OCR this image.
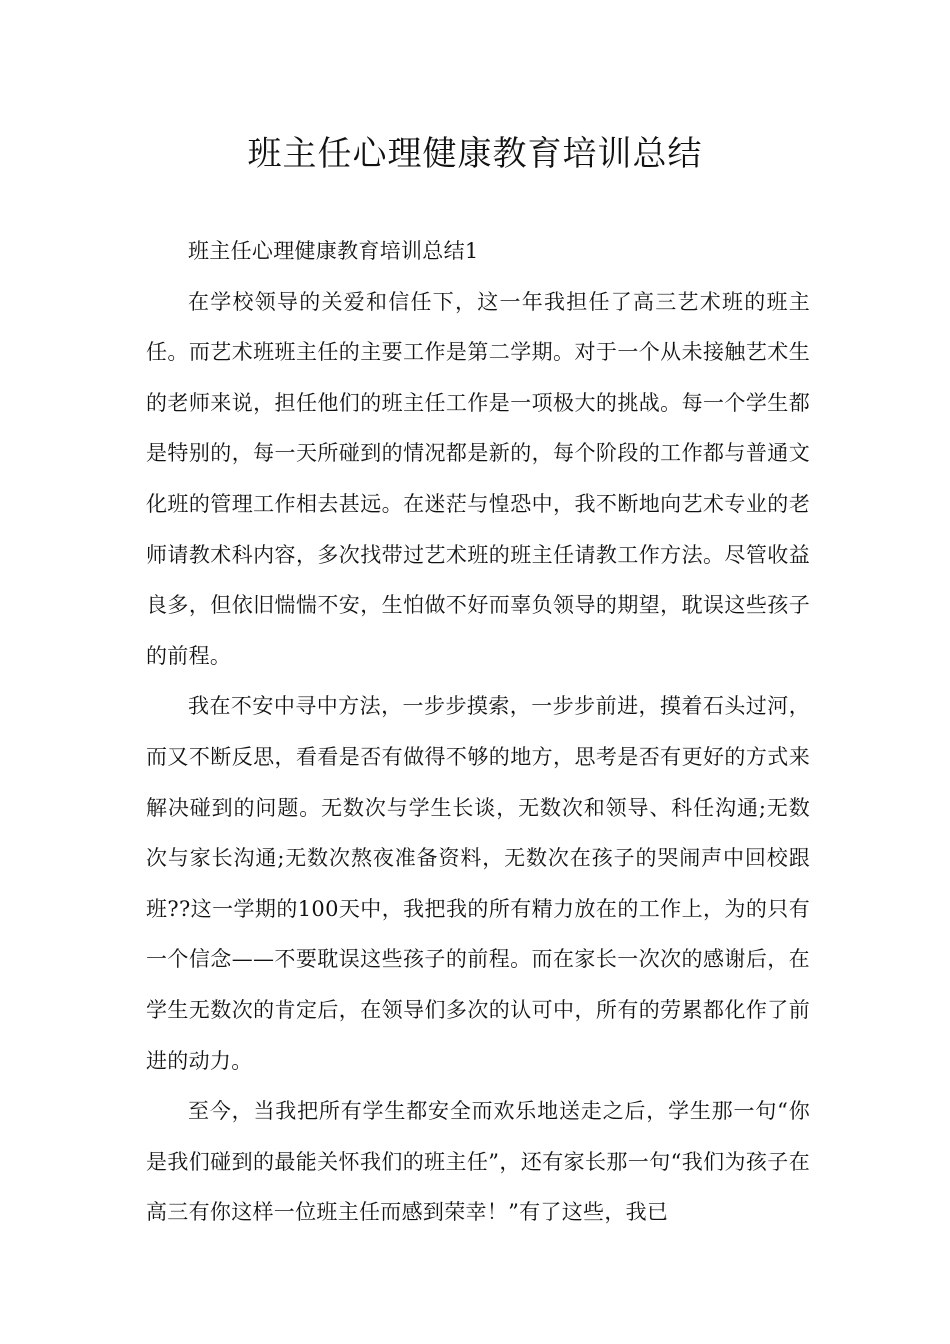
班主任心理健康教育培训总结

班主任心理健康教育培训总结1

在学校领导的关爱和信任下，这一年我担任了高三艺术班的班主任。而艺术班班主任的主要工作是第二学期。对于一个从未接触艺术生的老师来说，担任他们的班主任工作是一项极大的挑战。每一个学生都是特别的，每一天所碰到的情况都是新的，每个阶段的工作都与普通文化班的管理工作相去甚远。在迷茫与惶恐中，我不断地向艺术专业的老师请教术科内容，多次找带过艺术班的班主任请教工作方法。尽管收益良多，但依旧惴惴不安，生怕做不好而辜负领导的期望，耽误这些孩子的前程。

我在不安中寻中方法，一步步摸索，一步步前进，摸着石头过河，而又不断反思，看看是否有做得不够的地方，思考是否有更好的方式来解决碰到的问题。无数次与学生长谈，无数次和领导、科任沟通;无数次与家长沟通;无数次熬夜准备资料，无数次在孩子的哭闹声中回校跟班??这一学期的100天中，我把我的所有精力放在的工作上，为的只有一个信念——不要耽误这些孩子的前程。而在家长一次次的感谢后，在学生无数次的肯定后，在领导们多次的认可中，所有的劳累都化作了前进的动力。

至今，当我把所有学生都安全而欢乐地送走之后，学生那一句“你是我们碰到的最能关怀我们的班主任”，还有家长那一句“我们为孩子在高三有你这样一位班主任而感到荣幸！”有了这些，我已
